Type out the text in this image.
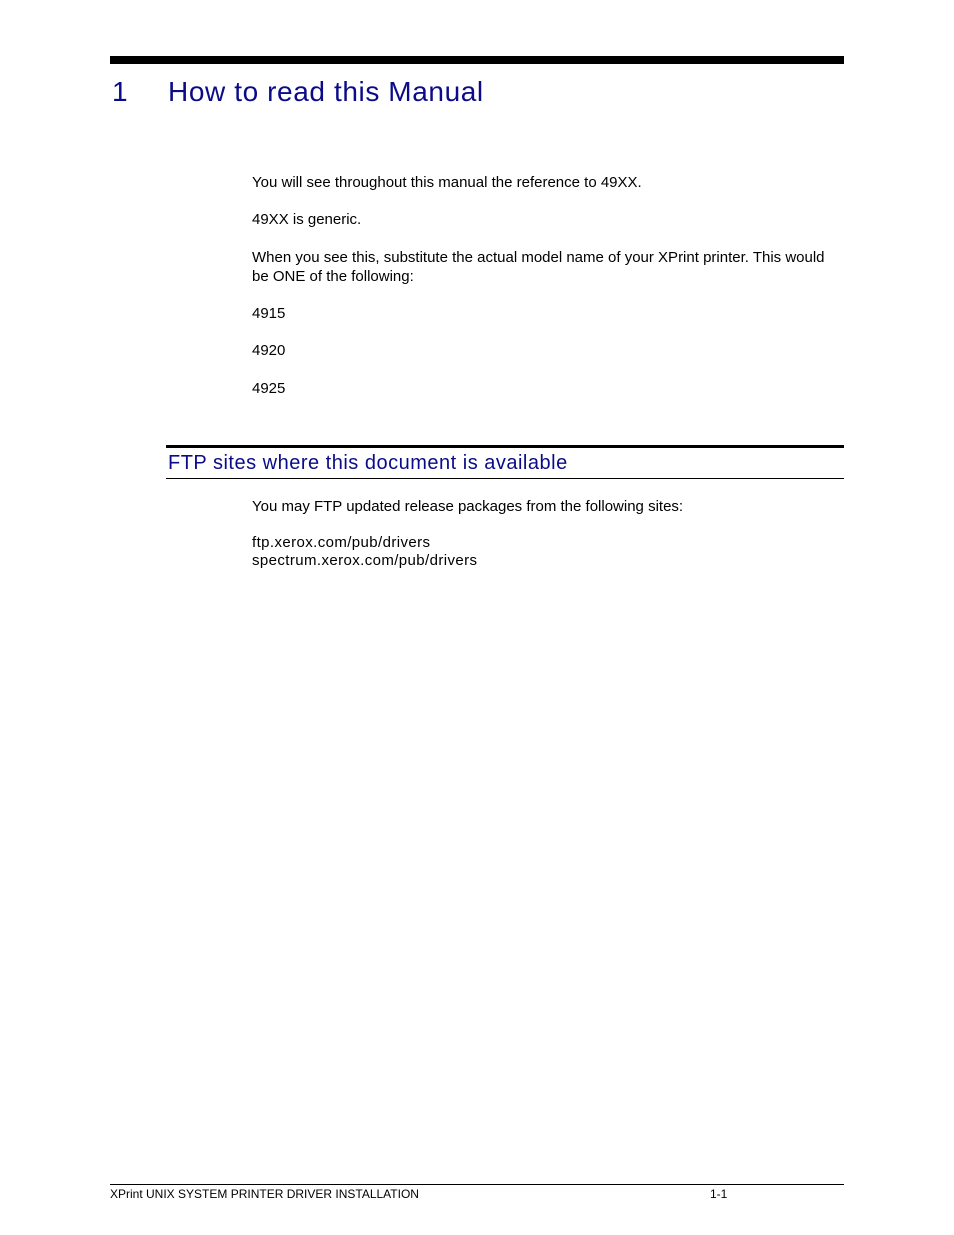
1 How to read this Manual

You will see throughout this manual the reference to 49XX.

49XX is generic.

When you see this, substitute the actual model name of your XPrint printer. This would be ONE of the following:

4915

4920

4925

FTP sites where this document is available

You may FTP updated release packages from the following sites:

ftp.xerox.com/pub/drivers

spectrum.xerox.com/pub/drivers

XPrint UNIX SYSTEM PRINTER DRIVER INSTALLATION	1-1
